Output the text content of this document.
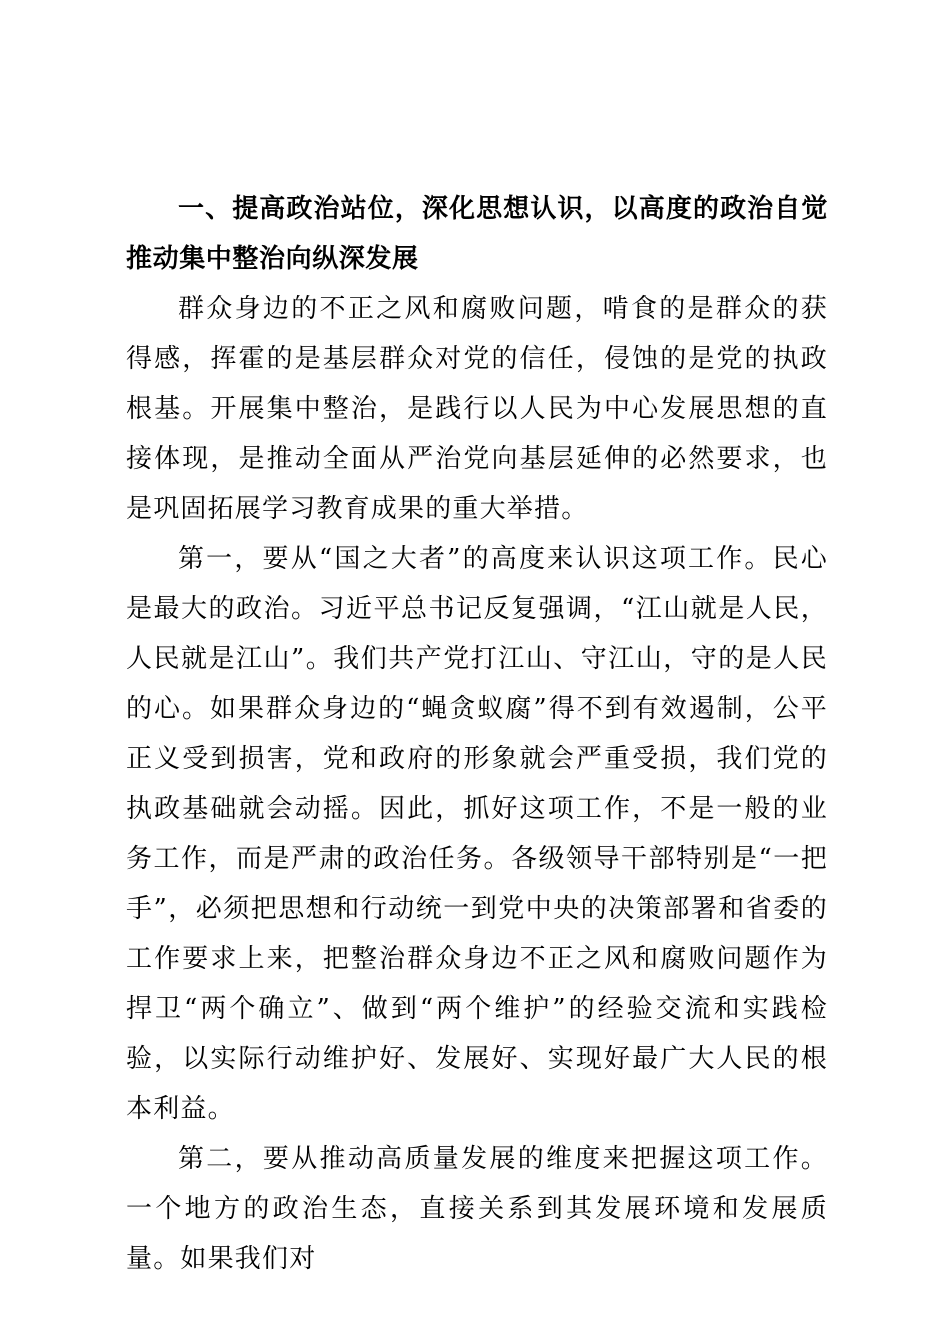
一、提高政治站位，深化思想认识，以高度的政治自觉推动集中整治向纵深发展

群众身边的不正之风和腐败问题，啃食的是群众的获得感，挥霍的是基层群众对党的信任，侵蚀的是党的执政根基。开展集中整治，是践行以人民为中心发展思想的直接体现，是推动全面从严治党向基层延伸的必然要求，也是巩固拓展学习教育成果的重大举措。

第一，要从“国之大者”的高度来认识这项工作。民心是最大的政治。习近平总书记反复强调，“江山就是人民，人民就是江山”。我们共产党打江山、守江山，守的是人民的心。如果群众身边的“蝇贪蚁腐”得不到有效遏制，公平正义受到损害，党和政府的形象就会严重受损，我们党的执政基础就会动摇。因此，抓好这项工作，不是一般的业务工作，而是严肃的政治任务。各级领导干部特别是“一把手”，必须把思想和行动统一到党中央的决策部署和省委的工作要求上来，把整治群众身边不正之风和腐败问题作为捍卫“两个确立”、做到“两个维护”的经验交流和实践检验，以实际行动维护好、发展好、实现好最广大人民的根本利益。

第二，要从推动高质量发展的维度来把握这项工作。一个地方的政治生态，直接关系到其发展环境和发展质量。如果我们对
